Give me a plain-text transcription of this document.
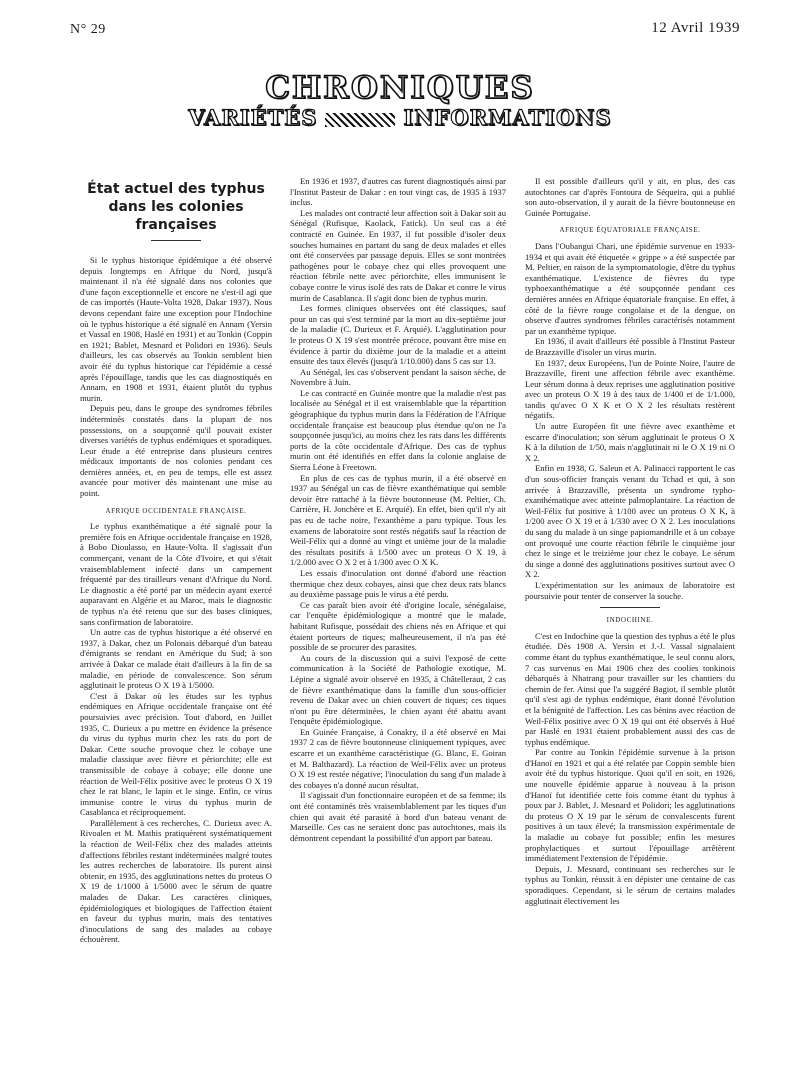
N° 29	12 Avril 1939
CHRONIQUES
VARIÉTÉS	INFORMATIONS
État actuel des typhus dans les colonies françaises

Si le typhus historique épidémique a été observé depuis longtemps en Afrique du Nord, jusqu'à maintenant il n'a été signalé dans nos colonies que d'une façon exceptionnelle et encore ne s'est-il agi que de cas importés (Haute-Volta 1928, Dakar 1937). Nous devons cependant faire une exception pour l'Indochine où le typhus historique a été signalé en Annam (Yersin et Vassal en 1908, Haslé en 1931) et au Tonkin (Coppin en 1921; Bablet, Mesnard et Polidori en 1936). Seuls d'ailleurs, les cas observés au Tonkin semblent bien avoir été du typhus historique car l'épidémie a cessé après l'épouillage, tandis que les cas diagnostiqués en Annam, en 1908 et 1931, étaient plutôt du typhus murin.

Depuis peu, dans le groupe des syndromes fébriles indéterminés constatés dans la plupart de nos possessions, on a soupçonné qu'il pouvait exister diverses variétés de typhus endémiques et sporadiques. Leur étude a été entreprise dans plusieurs centres médicaux importants de nos colonies pendant ces dernières années, et, en peu de temps, elle est assez avancée pour motiver dès maintenant une mise au point.

AFRIQUE OCCIDENTALE FRANÇAISE.

Le typhus exanthématique a été signalé pour la première fois en Afrique occidentale française en 1928, à Bobo Dioulasso, en Haute-Volta. Il s'agissait d'un commerçant, venant de la Côte d'Ivoire, et qui s'était vraisemblablement infecté dans un campement fréquenté par des tirailleurs venant d'Afrique du Nord. Le diagnostic a été porté par un médecin ayant exercé auparavant en Algérie et au Maroc, mais le diagnostic de typhus n'a été retenu que sur des bases cliniques, sans confirmation de laboratoire.

Un autre cas de typhus historique a été observé en 1937, à Dakar, chez un Polonais débarqué d'un bateau d'émigrants se rendant en Amérique du Sud; à son arrivée à Dakar ce malade était d'ailleurs à la fin de sa maladie, en période de convalescence. Son sérum agglutinait le proteus O X 19 à 1/5000.

C'est à Dakar où les études sur les typhus endémiques en Afrique occidentale française ont été poursuivies avec précision. Tout d'abord, en Juillet 1935, C. Durieux a pu mettre en évidence la présence du virus du typhus murin chez les rats du port de Dakar. Cette souche provoque chez le cobaye une maladie classique avec fièvre et périorchite; elle est transmissible de cobaye à cobaye; elle donne une réaction de Weil-Félix positive avec le proteus O X 19 chez le rat blanc, le lapin et le singe. Enfin, ce virus immunise contre le virus du typhus murin de Casablanca et réciproquement.

Parallèlement à ces recherches, C. Durieux avec A. Rivoalen et M. Mathis pratiquèrent systématiquement la réaction de Weil-Félix chez des malades atteints d'affections fébriles restant indéterminées malgré toutes les autres recherches de laboratoire. Ils purent ainsi obtenir, en 1935, des agglutinations nettes du proteus O X 19 de 1/1000 à 1/5000 avec le sérum de quatre malades de Dakar. Les caractères cliniques, épidémiologiques et biologiques de l'affection étaient en faveur du typhus murin, mais des tentatives d'inoculations de sang des malades au cobaye échouèrent.

En 1936 et 1937, d'autres cas furent diagnostiqués ainsi par l'Institut Pasteur de Dakar : en tout vingt cas, de 1935 à 1937 inclus.

Les malades ont contracté leur affection soit à Dakar soit au Sénégal (Rufisque, Kaolack, Fatick). Un seul cas a été contracté en Guinée. En 1937, il fut possible d'isoler deux souches humaines en partant du sang de deux malades et elles ont été conservées par passage depuis. Elles se sont montrées pathogènes pour le cobaye chez qui elles provoquent une réaction fébrile nette avec périorchite, elles immunisent le cobaye contre le virus isolé des rats de Dakar et contre le virus murin de Casablanca. Il s'agit donc bien de typhus murin.

Les formes cliniques observées ont été classiques, sauf pour un cas qui s'est terminé par la mort au dix-septième jour de la maladie (C. Durieux et F. Arquié). L'agglutination pour le proteus O X 19 s'est montrée précoce, pouvant être mise en évidence à partir du dixième jour de la maladie et a atteint ensuite des taux élevés (jusqu'à 1/10.000) dans 5 cas sur 13.

Au Sénégal, les cas s'observent pendant la saison sèche, de Novembre à Juin.

Le cas contracté en Guinée montre que la maladie n'est pas localisée au Sénégal et il est vraisemblable que la répartition géographique du typhus murin dans la Fédération de l'Afrique occidentale française est beaucoup plus étendue qu'on ne l'a soupçonnée jusqu'ici, au moins chez les rats dans les différents ports de la côte occidentale d'Afrique. Des cas de typhus murin ont été identifiés en effet dans la colonie anglaise de Sierra Léone à Freetown.

En plus de ces cas de typhus murin, il a été observé en 1937 au Sénégal un cas de fièvre exanthématique qui semble devoir être rattaché à la fièvre boutonneuse (M. Peltier, Ch. Carrière, H. Jonchère et E. Arquié). En effet, bien qu'il n'y ait pas eu de tache noire, l'exanthème a paru typique. Tous les examens de laboratoire sont restés négatifs sauf la réaction de Weil-Félix qui a donné au vingt et unième jour de la maladie des résultats positifs à 1/500 avec un proteus O X 19, à 1/2.000 avec O X 2 et à 1/300 avec O X K.

Les essais d'inoculation ont donné d'abord une réaction thermique chez deux cobayes, ainsi que chez deux rats blancs au deuxième passage puis le virus a été perdu.

Ce cas paraît bien avoir été d'origine locale, sénégalaise, car l'enquête épidémiologique a montré que le malade, habitant Rufisque, possédait des chiens nés en Afrique et qui étaient porteurs de tiques; malheureusement, il n'a pas été possible de se procurer des parasites.

Au cours de la discussion qui a suivi l'exposé de cette communication à la Société de Pathologie exotique, M. Lépine a signalé avoir observé en 1935, à Châtelleraut, 2 cas de fièvre exanthématique dans la famille d'un sous-officier revenu de Dakar avec un chien couvert de tiques; ces tiques n'ont pu être déterminées, le chien ayant été abattu avant l'enquête épidémiologique.

En Guinée Française, à Conakry, il a été observé en Mai 1937 2 cas de fièvre boutonneuse cliniquement typiques, avec escarre et un exanthème caractéristique (G. Blanc, E. Goiran et M. Balthazard). La réaction de Weil-Félix avec un proteus O X 19 est restée négative; l'inoculation du sang d'un malade à des cobayes n'a donné aucun résultat.

Il s'agissait d'un fonctionnaire européen et de sa femme; ils ont été contaminés très vraisemblablement par les tiques d'un chien qui avait été parasité à bord d'un bateau venant de Marseille. Ces cas ne seraient donc pas autochtones, mais ils démontrent cependant la possibilité d'un apport par bateau.

Il est possible d'ailleurs qu'il y ait, en plus, des cas autochtones car d'après Fontoura de Séqueira, qui a publié son auto-observation, il y aurait de la fièvre boutonneuse en Guinée Portugaise.

AFRIQUE ÉQUATORIALE FRANÇAISE.

Dans l'Oubangui Chari, une épidémie survenue en 1933-1934 et qui avait été étiquetée « grippe » a été suspectée par M. Peltier, en raison de la symptomatologie, d'être du typhus exanthématique. L'existence de fièvres du type typhoexanthématique a été soupçonnée pendant ces dernières années en Afrique équatoriale française. En effet, à côté de la fièvre rouge congolaise et de la dengue, on observe d'autres syndromes fébriles caractérisés notamment par un exanthème typique.

En 1936, il avait d'ailleurs été possible à l'Institut Pasteur de Brazzaville d'isoler un virus murin.

En 1937, deux Européens, l'un de Pointe Noire, l'autre de Brazzaville, firent une affection fébrile avec exanthème. Leur sérum donna à deux reprises une agglutination positive avec un proteus O X 19 à des taux de 1/400 et de 1/1.000, tandis qu'avec O X K et O X 2 les résultats restèrent négatifs.

Un autre Européen fit une fièvre avec exanthème et escarre d'inoculation; son sérum agglutinait le proteus O X K à la dilution de 1/50, mais n'agglutinait ni le O X 19 ni O X 2.

Enfin en 1938, G. Saleun et A. Palinacci rapportent le cas d'un sous-officier français venant du Tchad et qui, à son arrivée à Brazzaville, présenta un syndrome typho-exanthématique avec atteinte palmoplantaire. La réaction de Weil-Félix fut positive à 1/100 avec un proteus O X K, à 1/200 avec O X 19 et à 1/330 avec O X 2. Les inoculations du sang du malade à un singe papiomandrille et à un cobaye ont provoqué une courte réaction fébrile le cinquième jour chez le singe et le treizième jour chez le cobaye. Le sérum du singe a donné des agglutinations positives surtout avec O X 2.

L'expérimentation sur les animaux de laboratoire est poursuivie pour tenter de conserver la souche.

INDOCHINE.

C'est en Indochine que la question des typhus a été le plus étudiée. Dès 1908 A. Yersin et J.-J. Vassal signalaient comme étant du typhus exanthématique, le seul connu alors, 7 cas survenus en Mai 1906 chez des coolies tonkinois débarqués à Nhatrang pour travailler sur les chantiers du chemin de fer. Ainsi que l'a suggéré Bagiot, il semble plutôt qu'il s'est agi de typhus endémique, étant donné l'évolution et la bénignité de l'affection. Les cas bénins avec réaction de Weil-Félix positive avec O X 19 qui ont été observés à Hué par Haslé en 1931 étaient probablement aussi des cas de typhus endémique.

Par contre au Tonkin l'épidémie survenue à la prison d'Hanoï en 1921 et qui a été relatée par Coppin semble bien avoir été du typhus historique. Quoi qu'il en soit, en 1926, une nouvelle épidémie apparue à nouveau à la prison d'Hanoï fut identifiée cette fois comme étant du typhus à poux par J. Bablet, J. Mesnard et Polidori; les agglutinations du proteus O X 19 par le sérum de convalescents furent positives à un taux élevé; la transmission expérimentale de la maladie au cobaye fut possible; enfin les mesures prophylactiques et surtout l'épouillage arrêtèrent immédiatement l'extension de l'épidémie.

Depuis, J. Mesnard, continuant ses recherches sur le typhus au Tonkin, réussit à en dépister une centaine de cas sporadiques. Cependant, si le sérum de certains malades agglutinait électivement les
